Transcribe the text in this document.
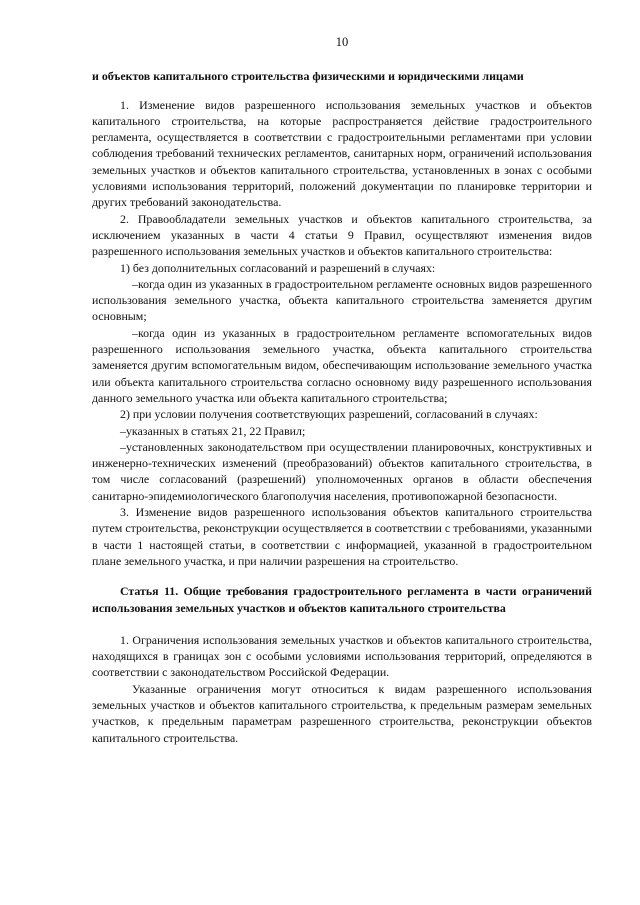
10
и объектов капитального строительства физическими и юридическими лицами

1. Изменение видов разрешенного использования земельных участков и объектов капитального строительства, на которые распространяется действие градостроительного регламента, осуществляется в соответствии с градостроительными регламентами при условии соблюдения требований технических регламентов, санитарных норм, ограничений использования земельных участков и объектов капитального строительства, установленных в зонах с особыми условиями использования территорий, положений документации по планировке территории и других требований законодательства.

2. Правообладатели земельных участков и объектов капитального строительства, за исключением указанных в части 4 статьи 9 Правил, осуществляют изменения видов разрешенного использования земельных участков и объектов капитального строительства:

1) без дополнительных согласований и разрешений в случаях:

–когда один из указанных в градостроительном регламенте основных видов разрешенного использования земельного участка, объекта капитального строительства заменяется другим основным;

–когда один из указанных в градостроительном регламенте вспомогательных видов разрешенного использования земельного участка, объекта капитального строительства заменяется другим вспомогательным видом, обеспечивающим использование земельного участка или объекта капитального строительства согласно основному виду разрешенного использования данного земельного участка или объекта капитального строительства;

2) при условии получения соответствующих разрешений, согласований в случаях:

–указанных в статьях 21, 22 Правил;

–установленных законодательством при осуществлении планировочных, конструктивных и инженерно-технических изменений (преобразований) объектов капитального строительства, в том числе согласований (разрешений) уполномоченных органов в области обеспечения санитарно-эпидемиологического благополучия населения, противопожарной безопасности.

3. Изменение видов разрешенного использования объектов капитального строительства путем строительства, реконструкции осуществляется в соответствии с требованиями, указанными в части 1 настоящей статьи, в соответствии с информацией, указанной в градостроительном плане земельного участка, и при наличии разрешения на строительство.

Статья 11. Общие требования градостроительного регламента в части ограничений использования земельных участков и объектов капитального строительства

1. Ограничения использования земельных участков и объектов капитального строительства, находящихся в границах зон с особыми условиями использования территорий, определяются в соответствии с законодательством Российской Федерации.

Указанные ограничения могут относиться к видам разрешенного использования земельных участков и объектов капитального строительства, к предельным размерам земельных участков, к предельным параметрам разрешенного строительства, реконструкции объектов капитального строительства.
